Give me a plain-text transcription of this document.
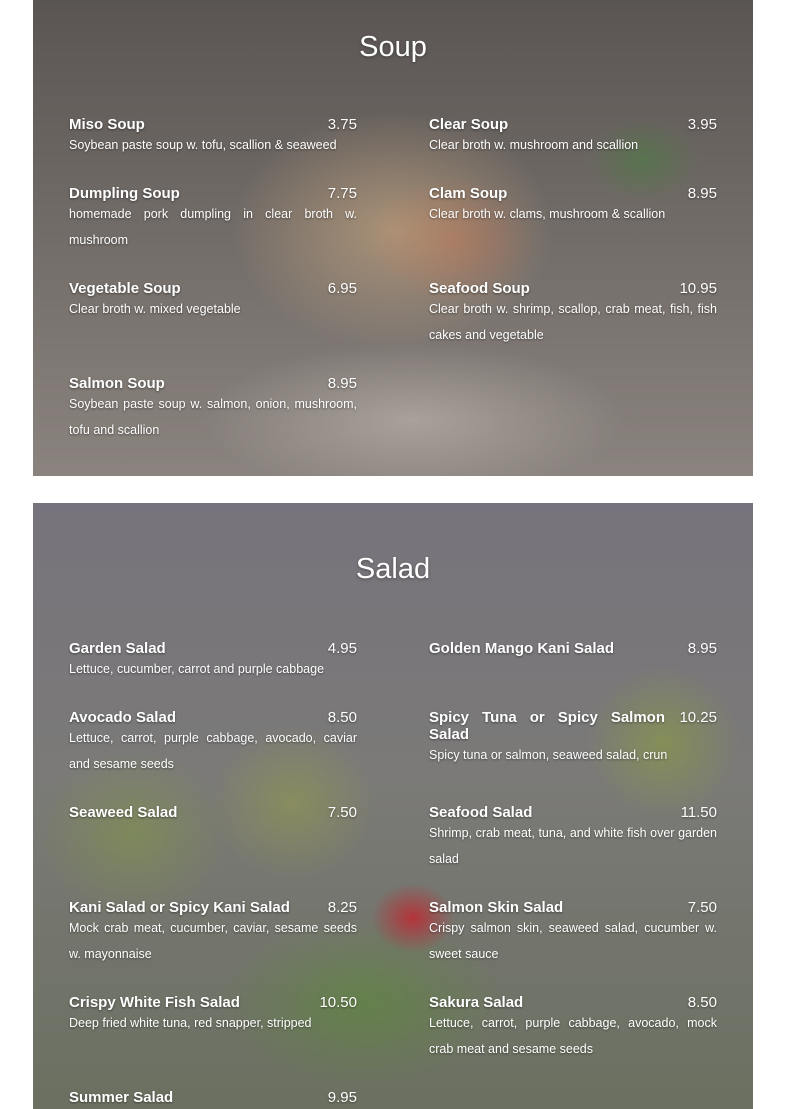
Soup
Miso Soup	3.75
Soybean paste soup w. tofu, scallion & seaweed
Clear Soup	3.95
Clear broth w. mushroom and scallion
Dumpling Soup	7.75
homemade pork dumpling in clear broth w. mushroom
Clam Soup	8.95
Clear broth w. clams, mushroom & scallion
Vegetable Soup	6.95
Clear broth w. mixed vegetable
Seafood Soup	10.95
Clear broth w. shrimp, scallop, crab meat, fish, fish cakes and vegetable
Salmon Soup	8.95
Soybean paste soup w. salmon, onion, mushroom, tofu and scallion
Salad
Garden Salad	4.95
Lettuce, cucumber, carrot and purple cabbage
Golden Mango Kani Salad	8.95
Avocado Salad	8.50
Lettuce, carrot, purple cabbage, avocado, caviar and sesame seeds
Spicy Tuna or Spicy Salmon Salad
10.25
Spicy tuna or salmon, seaweed salad, crun
Seaweed Salad	7.50	Seafood Salad	11.50
Shrimp, crab meat, tuna, and white fish over garden salad
Kani Salad or Spicy Kani Salad	8.25
Mock crab meat, cucumber, caviar, sesame seeds w. mayonnaise
Salmon Skin Salad	7.50
Crispy salmon skin, seaweed salad, cucumber w. sweet sauce
Crispy White Fish Salad	10.50
Deep fried white tuna, red snapper, stripped
Sakura Salad	8.50
Lettuce, carrot, purple cabbage, avocado, mock crab meat and sesame seeds
Summer Salad	9.95
